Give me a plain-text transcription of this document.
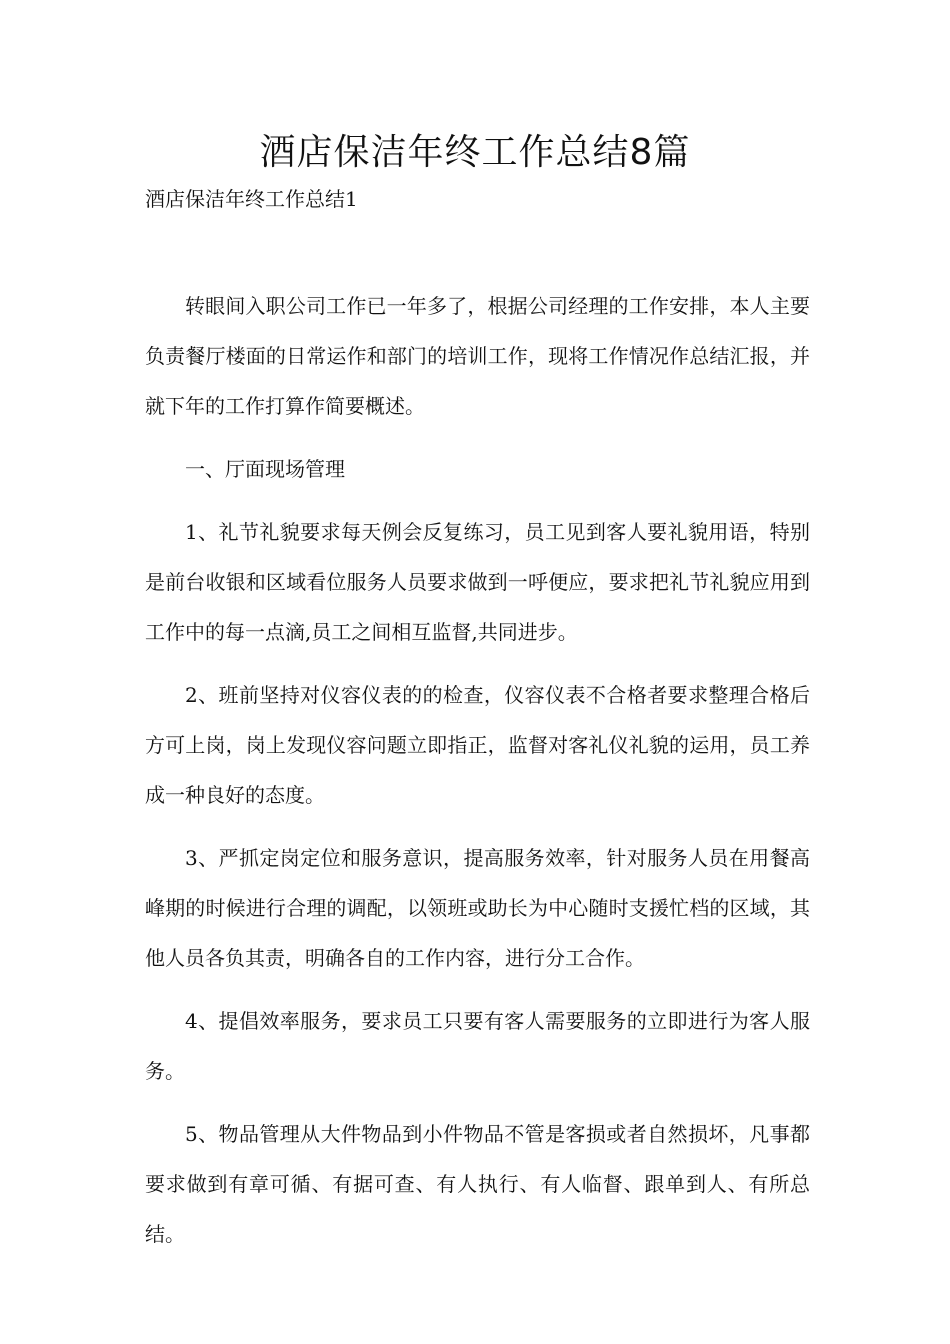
酒店保洁年终工作总结8篇

酒店保洁年终工作总结1

转眼间入职公司工作已一年多了，根据公司经理的工作安排，本人主要负责餐厅楼面的日常运作和部门的培训工作，现将工作情况作总结汇报，并就下年的工作打算作简要概述。

一、厅面现场管理

1、礼节礼貌要求每天例会反复练习，员工见到客人要礼貌用语，特别是前台收银和区域看位服务人员要求做到一呼便应，要求把礼节礼貌应用到工作中的每一点滴,员工之间相互监督,共同进步。

2、班前坚持对仪容仪表的的检查，仪容仪表不合格者要求整理合格后方可上岗，岗上发现仪容问题立即指正，监督对客礼仪礼貌的运用，员工养成一种良好的态度。

3、严抓定岗定位和服务意识，提高服务效率，针对服务人员在用餐高峰期的时候进行合理的调配，以领班或助长为中心随时支援忙档的区域，其他人员各负其责，明确各自的工作内容，进行分工合作。

4、提倡效率服务，要求员工只要有客人需要服务的立即进行为客人服务。

5、物品管理从大件物品到小件物品不管是客损或者自然损坏，凡事都要求做到有章可循、有据可查、有人执行、有人临督、跟单到人、有所总结。
